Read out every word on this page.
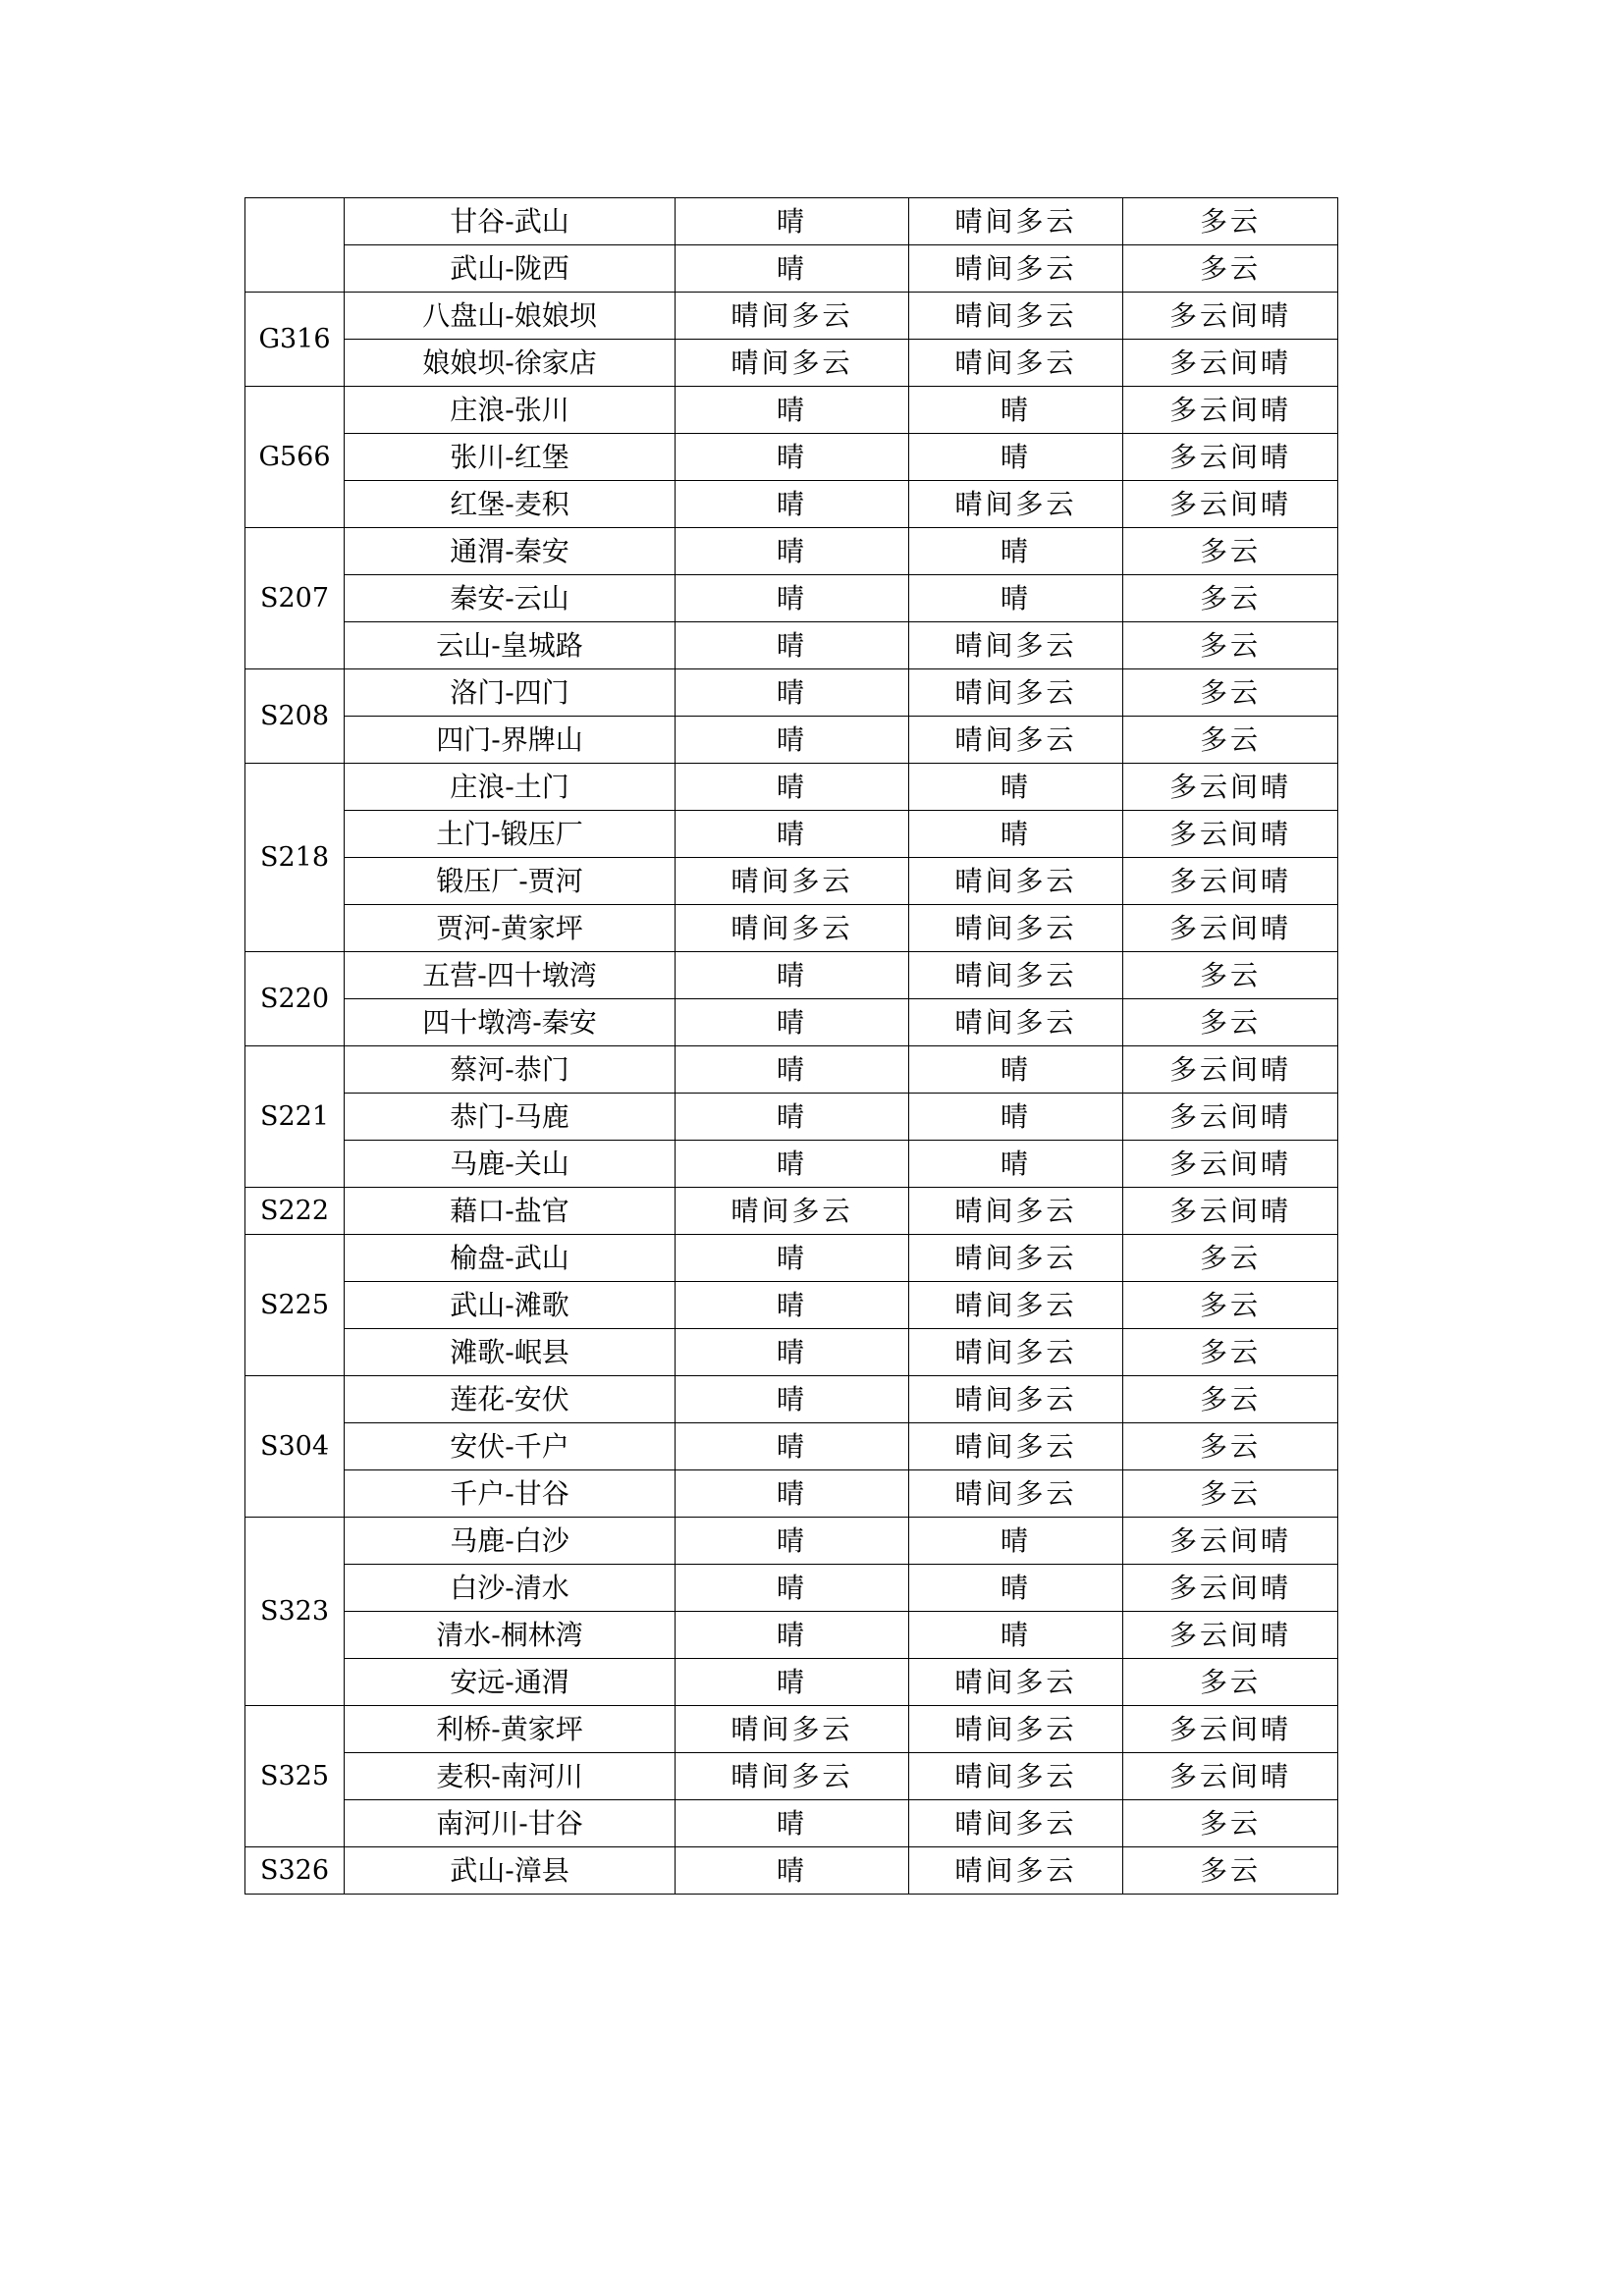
	甘谷-武山	晴	晴间多云	多云
	武山-陇西	晴	晴间多云	多云
G316	八盘山-娘娘坝	晴间多云	晴间多云	多云间晴
	娘娘坝-徐家店	晴间多云	晴间多云	多云间晴
G566	庄浪-张川	晴	晴	多云间晴
	张川-红堡	晴	晴	多云间晴
	红堡-麦积	晴	晴间多云	多云间晴
S207	通渭-秦安	晴	晴	多云
	秦安-云山	晴	晴	多云
	云山-皇城路	晴	晴间多云	多云
S208	洛门-四门	晴	晴间多云	多云
	四门-界牌山	晴	晴间多云	多云
S218	庄浪-土门	晴	晴	多云间晴
	土门-锻压厂	晴	晴	多云间晴
	锻压厂-贾河	晴间多云	晴间多云	多云间晴
	贾河-黄家坪	晴间多云	晴间多云	多云间晴
S220	五营-四十墩湾	晴	晴间多云	多云
	四十墩湾-秦安	晴	晴间多云	多云
S221	蔡河-恭门	晴	晴	多云间晴
	恭门-马鹿	晴	晴	多云间晴
	马鹿-关山	晴	晴	多云间晴
S222	藉口-盐官	晴间多云	晴间多云	多云间晴
S225	榆盘-武山	晴	晴间多云	多云
	武山-滩歌	晴	晴间多云	多云
	滩歌-岷县	晴	晴间多云	多云
S304	莲花-安伏	晴	晴间多云	多云
	安伏-千户	晴	晴间多云	多云
	千户-甘谷	晴	晴间多云	多云
S323	马鹿-白沙	晴	晴	多云间晴
	白沙-清水	晴	晴	多云间晴
	清水-桐林湾	晴	晴	多云间晴
	安远-通渭	晴	晴间多云	多云
S325	利桥-黄家坪	晴间多云	晴间多云	多云间晴
	麦积-南河川	晴间多云	晴间多云	多云间晴
	南河川-甘谷	晴	晴间多云	多云
S326	武山-漳县	晴	晴间多云	多云
